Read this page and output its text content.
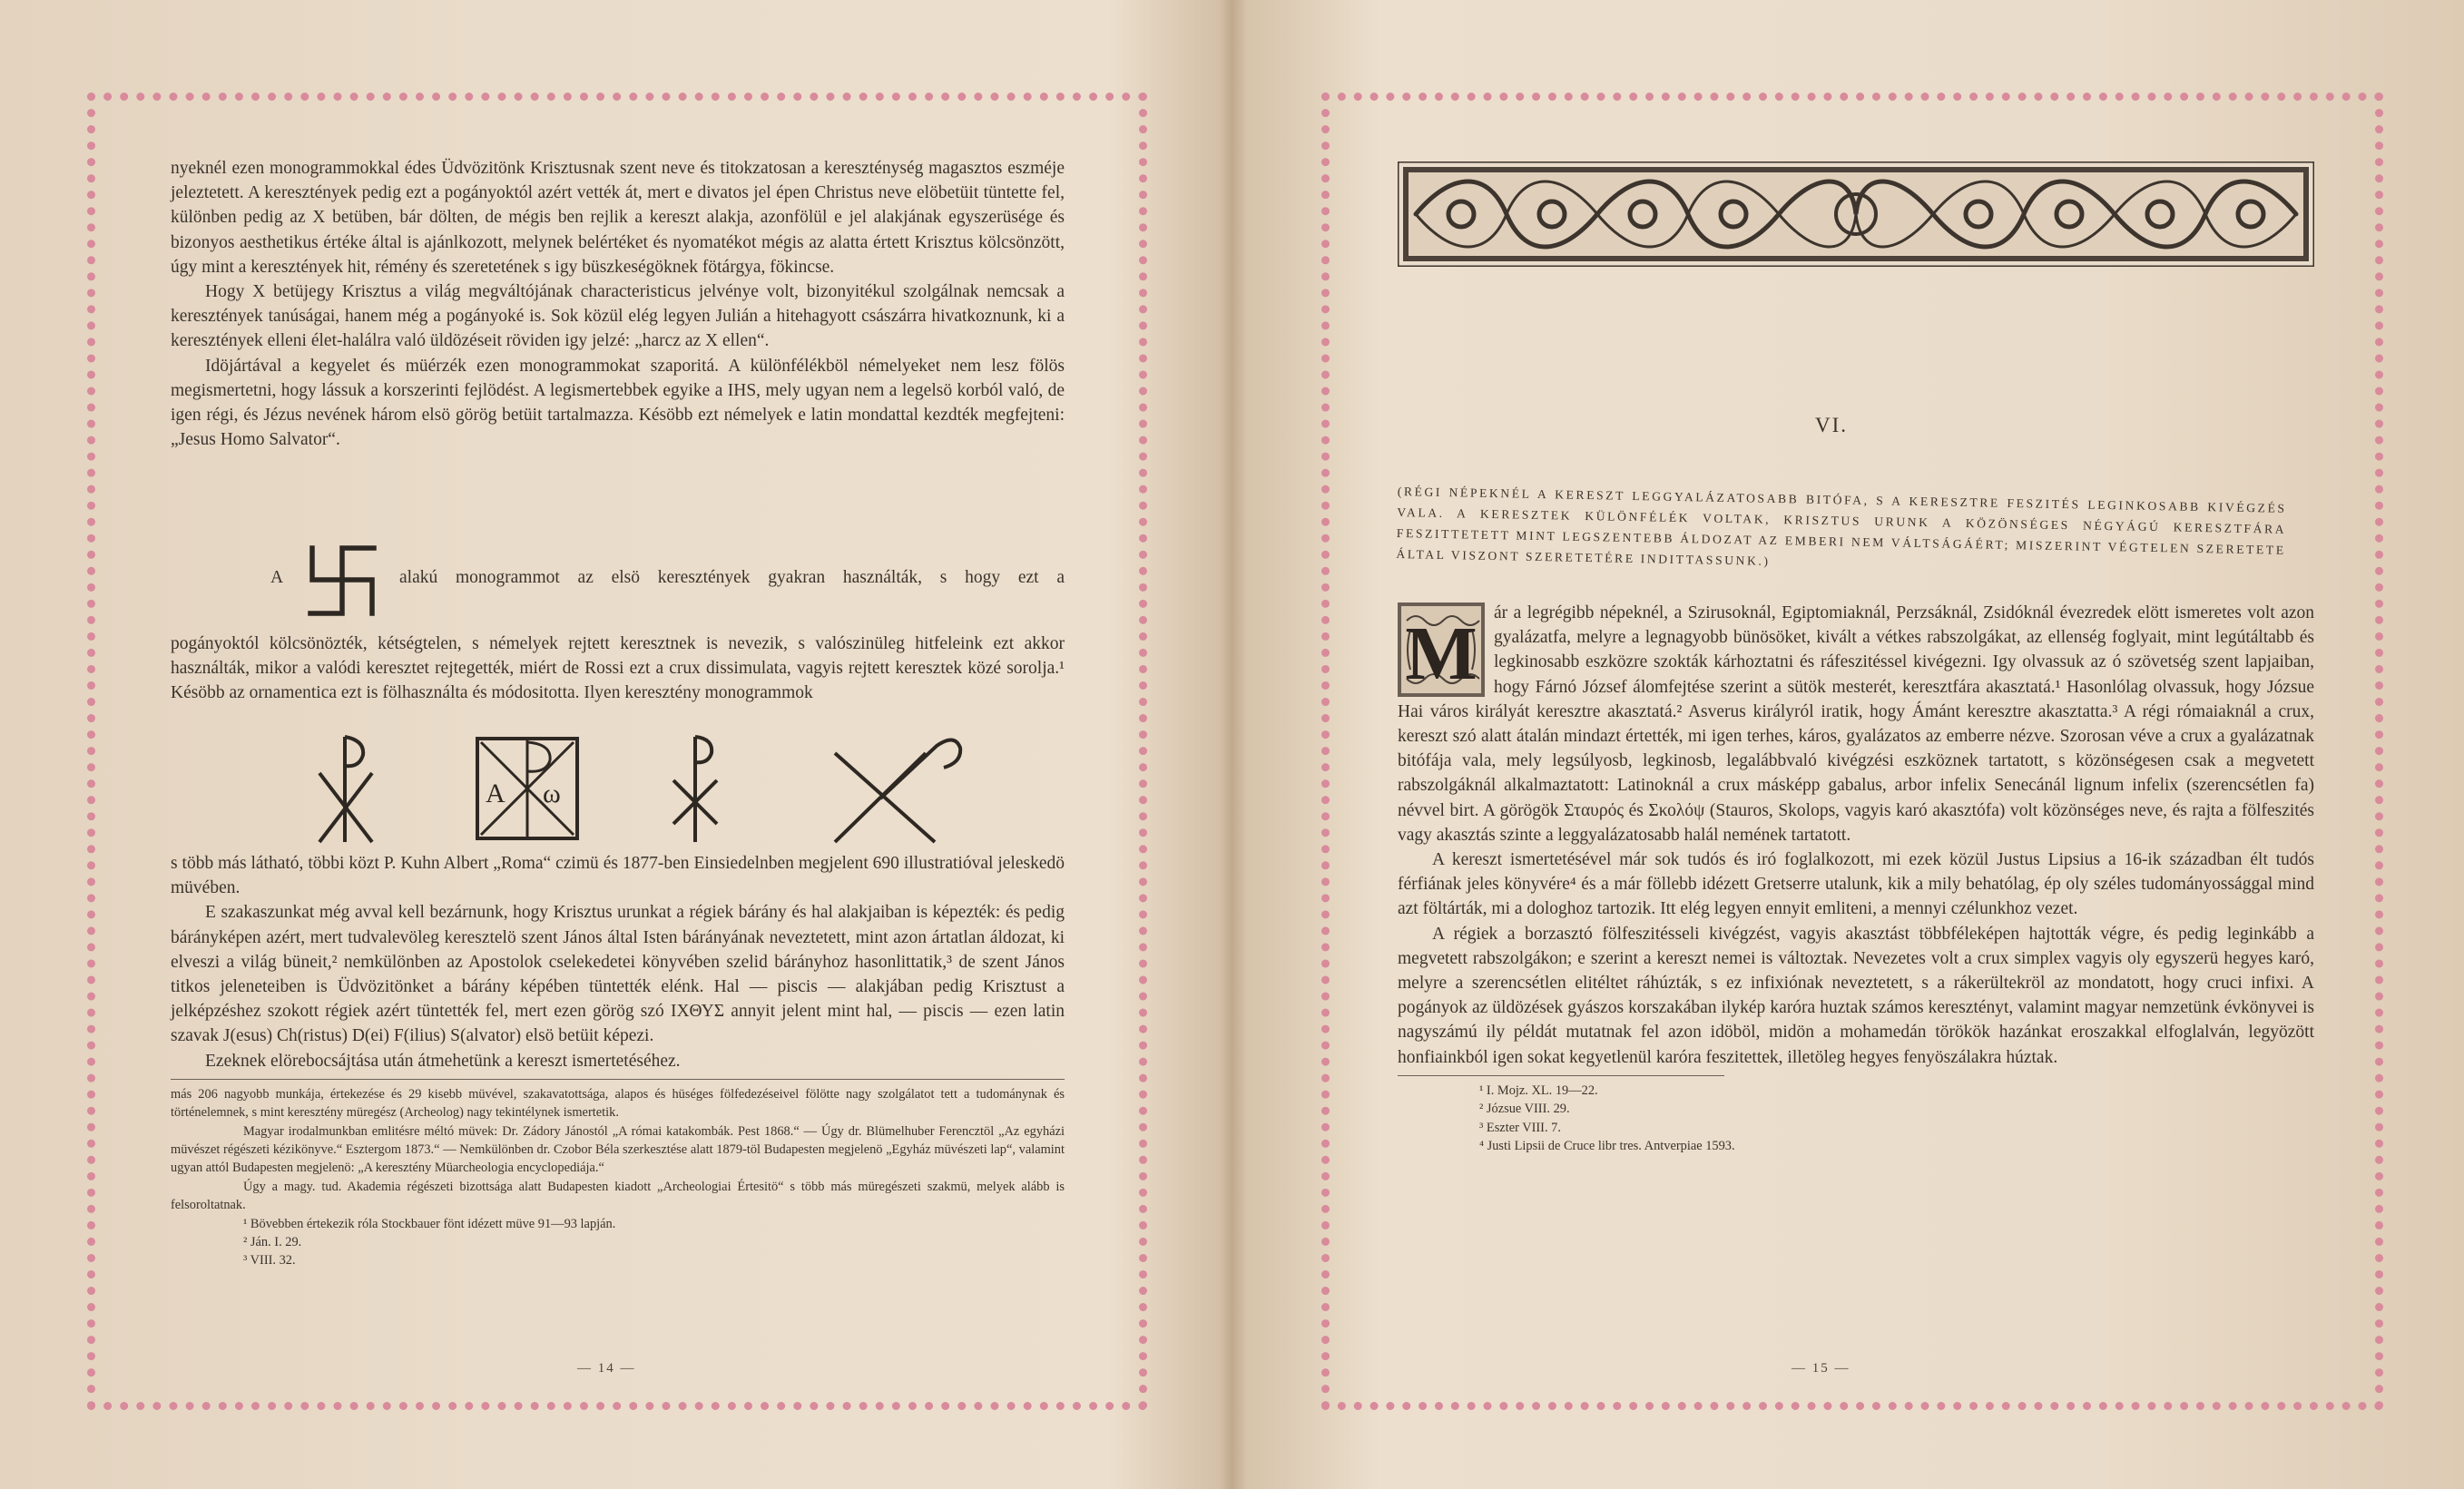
nyeknél ezen monogrammokkal édes Üdvözitönk Krisztusnak szent neve és titokzatosan a kereszténység magasztos eszméje jeleztetett. A keresztények pedig ezt a pogányoktól azért vették át, mert e divatos jel épen Christus neve elöbetüit tüntette fel, különben pedig az X betüben, bár dölten, de mégis ben rejlik a kereszt alakja, azonfölül e jel alakjának egyszerüsége és bizonyos aesthetikus értéke által is ajánlkozott, melynek belértéket és nyomatékot mégis az alatta értett Krisztus kölcsönzött, úgy mint a keresztények hit, rémény és szeretetének s igy büszkeségöknek fötárgya, fökincse.

Hogy X betüjegy Krisztus a világ megváltójának characteristicus jelvénye volt, bizonyitékul szolgálnak nemcsak a keresztények tanúságai, hanem még a pogányoké is. Sok közül elég legyen Julián a hitehagyott császárra hivatkoznunk, ki a keresztények elleni élet-halálra való üldözéseit röviden igy jelzé: „harcz az X ellen“.

Idöjártával a kegyelet és müérzék ezen monogrammokat szaporitá. A különfélékböl némelyeket nem lesz fölös megismertetni, hogy lássuk a korszerinti fejlödést. A legismertebbek egyike a IHS, mely ugyan nem a legelsö korból való, de igen régi, és Jézus nevének három elsö görög betüit tartalmazza. Késöbb ezt némelyek e latin mondattal kezdték megfejteni: „Jesus Homo Salvator“.

A	alakú monogrammot az elsö keresztények gyakran használták, s hogy ezt a

pogányoktól kölcsönözték, kétségtelen, s némelyek rejtett keresztnek is nevezik, s valószinüleg hitfeleink ezt akkor használták, mikor a valódi keresztet rejtegették, miért de Rossi ezt a crux dissimulata, vagyis rejtett keresztek közé sorolja.¹ Késöbb az ornamentica ezt is fölhasználta és módositotta. Ilyen keresztény monogrammok

A ω

s több más látható, többi közt P. Kuhn Albert „Roma“ czimü és 1877-ben Einsiedelnben megjelent 690 illustratióval jeleskedö müvében.

E szakaszunkat még avval kell bezárnunk, hogy Krisztus urunkat a régiek bárány és hal alakjaiban is képezték: és pedig bárányképen azért, mert tudvalevöleg keresztelö szent János által Isten bárányának neveztetett, mint azon ártatlan áldozat, ki elveszi a világ büneit,² nemkülönben az Apostolok cselekedetei könyvében szelid bárányhoz hasonlittatik,³ de szent János titkos jeleneteiben is Üdvözitönket a bárány képében tüntették elénk. Hal — piscis — alakjában pedig Krisztust a jelképzéshez szokott régiek azért tüntették fel, mert ezen görög szó ΙΧΘΥΣ annyit jelent mint hal, — piscis — ezen latin szavak J(esus) Ch(ristus) D(ei) F(ilius) S(alvator) elsö betüit képezi.

Ezeknek elörebocsájtása után átmehetünk a kereszt ismertetéséhez.

más 206 nagyobb munkája, értekezése és 29 kisebb müvével, szakavatottsága, alapos és hüséges fölfedezéseivel fölötte nagy szolgálatot tett a tudománynak és történelemnek, s mint keresztény müregész (Archeolog) nagy tekintélynek ismertetik.

Magyar irodalmunkban emlitésre méltó müvek: Dr. Zádory Jánostól „A római katakombák. Pest 1868.“ — Úgy dr. Blümelhuber Ferencztöl „Az egyházi müvészet régészeti kézikönyve.“ Esztergom 1873.“ — Nemkülönben dr. Czobor Béla szerkesztése alatt 1879-töl Budapesten megjelenö „Egyház müvészeti lap“, valamint ugyan attól Budapesten megjelenö: „A keresztény Müarcheologia encyclopediája.“

Úgy a magy. tud. Akademia régészeti bizottsága alatt Budapesten kiadott „Archeologiai Értesitö“ s több más müregészeti szakmü, melyek alább is felsoroltatnak.

¹ Bövebben értekezik róla Stockbauer fönt idézett müve 91—93 lapján.

² Ján. I. 29.

³ VIII. 32.

— 14 —
VI.
(RÉGI NÉPEKNÉL A KERESZT LEGGYALÁZATOSABB BITÓFA, S A KERESZTRE FESZITÉS LEGINKOSABB KIVÉGZÉS VALA. A KERESZTEK KÜLÖNFÉLÉK VOLTAK, KRISZTUS URUNK A KÖZÖNSÉGES NÉGYÁGÚ KERESZTFÁRA FESZITTETETT MINT LEGSZENTEBB ÁLDOZAT AZ EMBERI NEM VÁLTSÁGÁÉRT; MISZERINT VÉGTELEN SZERETETE ÁLTAL VISZONT SZERETETÉRE INDITTASSUNK.)
M ár a legrégibb népeknél, a Szirusoknál, Egiptomiaknál, Perzsáknál, Zsidóknál évezredek elött ismeretes volt azon gyalázatfa, melyre a legnagyobb bünösöket, kivált a vétkes rabszolgákat, az ellenség foglyait, mint legútáltabb és legkinosabb eszközre szokták kárhoztatni és ráfeszitéssel kivégezni. Igy olvassuk az ó szövetség szent lapjaiban, hogy Fárnó József álomfejtése szerint a sütök mesterét, keresztfára akasztatá.¹ Hasonlólag olvassuk, hogy Józsue Hai város királyát keresztre akasztatá.² Asverus királyról iratik, hogy Ámánt keresztre akasztatta.³ A régi rómaiaknál a crux, kereszt szó alatt átalán mindazt értették, mi igen terhes, káros, gyalázatos az emberre nézve. Szorosan véve a crux a gyalázatnak bitófája vala, mely legsúlyosb, legkinosb, legalábbvaló kivégzési eszköznek tartatott, s közönségesen csak a megvetett rabszolgáknál alkalmaztatott: Latinoknál a crux másképp gabalus, arbor infelix Senecánál lignum infelix (szerencsétlen fa) névvel birt. A görögök Σταυρός és Σκολόψ (Stauros, Skolops, vagyis karó akasztófa) volt közönséges neve, és rajta a fölfeszités vagy akasztás szinte a leggyalázatosabb halál nemének tartatott.

A kereszt ismertetésével már sok tudós és iró foglalkozott, mi ezek közül Justus Lipsius a 16-ik században élt tudós férfiának jeles könyvére⁴ és a már föllebb idézett Gretserre utalunk, kik a mily behatólag, ép oly széles tudományossággal mind azt föltárták, mi a dologhoz tartozik. Itt elég legyen ennyit emliteni, a mennyi czélunkhoz vezet.

A régiek a borzasztó fölfeszitésseli kivégzést, vagyis akasztást többféleképen hajtották végre, és pedig leginkább a megvetett rabszolgákon; e szerint a kereszt nemei is változtak. Nevezetes volt a crux simplex vagyis oly egyszerü hegyes karó, melyre a szerencsétlen elitéltet ráhúzták, s ez infixiónak neveztetett, s a rákerültekröl az mondatott, hogy cruci infixi. A pogányok az üldözések gyászos korszakában ilykép karóra huztak számos keresztényt, valamint magyar nemzetünk évkönyvei is nagyszámú ily példát mutatnak fel azon idöböl, midön a mohamedán törökök hazánkat eroszakkal elfoglalván, legyözött honfiainkból igen sokat kegyetlenül karóra feszitettek, illetöleg hegyes fenyöszálakra húztak.

¹ I. Mojz. XL. 19—22.

² Józsue VIII. 29.

³ Eszter VIII. 7.

⁴ Justi Lipsii de Cruce libr tres. Antverpiae 1593.

— 15 —
